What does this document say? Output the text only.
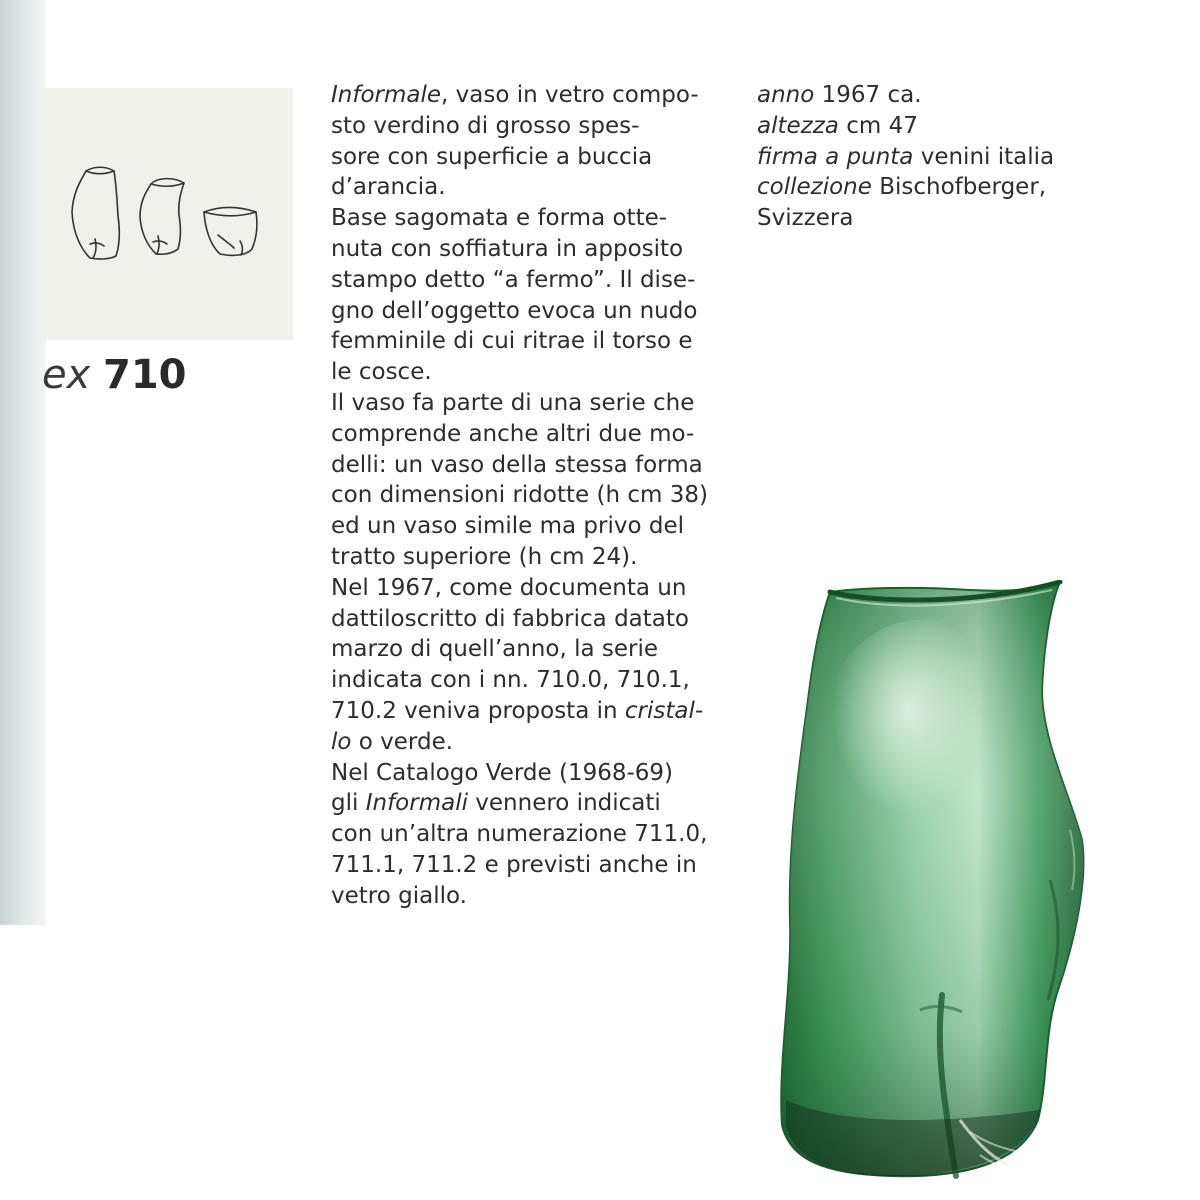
ex 710

Informale, vaso in vetro compo-

sto verdino di grosso spes-

sore con superficie a buccia

d’arancia.

Base sagomata e forma otte-

nuta con soffiatura in apposito

stampo detto “a fermo”. Il dise-

gno dell’oggetto evoca un nudo

femminile di cui ritrae il torso e

le cosce.

Il vaso fa parte di una serie che

comprende anche altri due mo-

delli: un vaso della stessa forma

con dimensioni ridotte (h cm 38)

ed un vaso simile ma privo del

tratto superiore (h cm 24).

Nel 1967, come documenta un

dattiloscritto di fabbrica datato

marzo di quell’anno, la serie

indicata con i nn. 710.0, 710.1,

710.2 veniva proposta in cristal-

lo o verde.

Nel Catalogo Verde (1968-69)

gli Informali vennero indicati

con un’altra numerazione 711.0,

711.1, 711.2 e previsti anche in

vetro giallo.

anno 1967 ca.

altezza cm 47

firma a punta venini italia

collezione Bischofberger,

Svizzera
